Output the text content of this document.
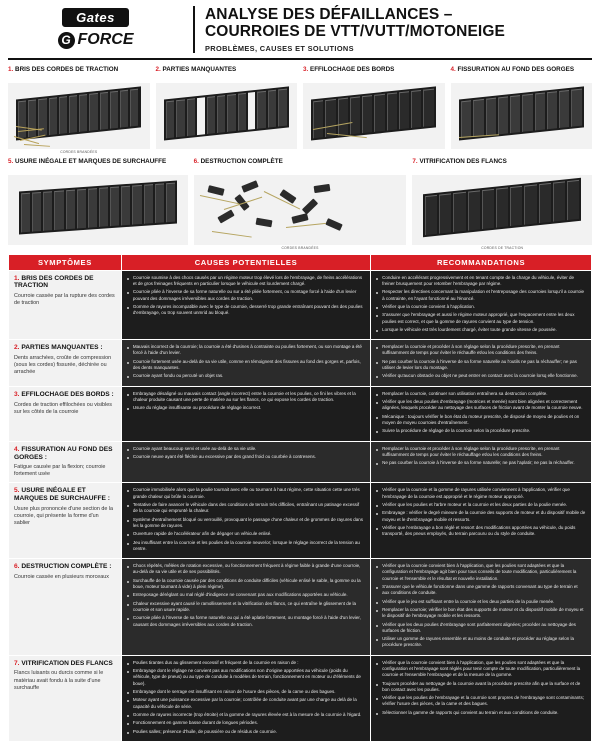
Gates
G FORCE
ANALYSE DES DÉFAILLANCES –
COURROIES DE VTT/VUTT/MOTONEIGE
PROBLÈMES, CAUSES ET SOLUTIONS
1. BRIS DES CORDES DE TRACTION
CORDES BRANDÉES
2. PARTIES MANQUANTES	3. EFFILOCHAGE DES BORDS	4. FISSURATION AU FOND DES GORGES
5. USURE INÉGALE ET MARQUES DE SURCHAUFFE	6. DESTRUCTION COMPLÈTE
CORDES BRANDÉES
7. VITRIFICATION DES FLANCS
CORDES DE TRACTION
SYMPTÔMES	CAUSES POTENTIELLES	RECOMMANDATIONS

1. BRIS DES CORDES DE TRACTION
Courroie cassée par la rupture des cordes de traction

Courroie soumise à des chocs causés par un régime moteur trop élevé lors de l'embrayage, de freins accélérations et de gros freinages fréquents en particulier lorsque le véhicule est lourdement chargé.
Courroie pliée à l'inverse de sa forme naturelle ou sur a été pliée fortement, ou montage forcé à l'aide d'un levier pouvant des dommages irréversibles aux cordes de traction.
Gomme de rayures incompatible avec le type de courroie, desserré trop grande entraînant pouvant des des poulies d'embrayage, ou trop souvent unmrid au bloqué.

Conduire en accélérant progressivement et en tenant compte de la charge du véhicule, éviter de freiner brusquement pour retomber l'embrayage par régime.
Respecter les directives concernant la manipulation et l'entreposage des courroies lorsqu'il a courroie à contrainte, en l'ayant fonctionné au l'énoncé.
Vérifier que la courroie convient à l'application.
S'assurer que l'embrayage et aussi le régime moteur approprié, que l'espacement entre les deux poulies est correct, et que la gomme de rayures convient au type de tension.
Lorsque le véhicule est très lourdement chargé, éviter toute grande vitesse de poussée.

2. PARTIES MANQUANTES :
Dents arrachées, croûte de compression (sous les cordes) fissurée, déchirée ou arrachée

Mauvais incorrect de la courroie; la courroie a été d'usines à contrainte ou poulies fortement, ou son montage a été forcé à l'aide d'un levier.
Courroie fortement usée au-delà de sa vie utile, comme en témoignent des fissures au fond des gorges et, parfois, des dents manquantes.
Courroie ayant fondu ou percuté un objet ras.

Remplacer la courroie et procéder à son réglage selon la procédure prescrite, en prenant suffisamment de temps pour éviter le réchauffe et/ou les conditions des freins.
Ne pas courber la courroie à l'inverse de sa forme naturelle au l'outils ne pas la réchauffer; ne pas utiliser de levier lors du montage.
Vérifier qu'aucun obstacle ou objet ne peut entrer en contact avec la courroie lorsq elle fonctionne.

3. EFFILOCHAGE DES BORDS :
Cordes de traction effilochées ou visibles sur les côtés de la courroie

Embrayage désaligné ou mauvais contact (angle incorrect) entre la courroie et les poulies, ce fini les vibres et la chaleur produite causant une perte de matière au sur les flancs, ce qui expose les cordes de traction.
Usure du réglage insuffisante ou procédure de réglage incorrect.

Remplacer la courroie, continuer son utilisation entraînera sa destruction complète.
Vérifier que les deux poulies d'embrayage (motrices et menée) sont bien alignées et correctement alignées, lesquels procéder au nettoyage des surfaces de friction avant de monter la courroie neuve.
Mécanique : toujours vérifier le bon état du moteur prescrite, de disposé de moyeu de poulies et on moyen de moyeu courroies d'entraînement.
Suivre la procédure de réglage de la courroie selon la procédure prescrite.

4. FISSURATION AU FOND DES GORGES :
Fatigue causée par la flexion; courroie fortement usée

Courroie ayant beaucoup servi et usée au-delà de sa vie utile.
Courroie neuve ayant été fléchie au excessive par des grand froid ou courbée à contresens.

Remplacer la courroie et procéder à son réglage selon la procédure prescrite, en prenant suffisamment de temps pour éviter le réchauffage et/ou les conditions des freins.
Ne pas courber la courroie à l'inverse de sa forme naturelle; ne pas l'aplatir; ne pas la réchauffer.

5. USURE INÉGALE ET MARQUES DE SURCHAUFFE :
Usure plus prononcée d'une section de la courroie, qui présente la forme d'un sablier

Courroie immobilisée alors que la poulie tournait avec elle ou tournant à haut régime, cette situation cette une trés grande chaleur qui brûle la courroie.
Tentative de faire avancer le véhicule dans des conditions de terrain très difficiles, entraînant un patinage excessif de la courroie qui emprunté la chaleur.
Système d'entraînement bloqué ou verrouillé, provoquant le passage d'une chaleur et de grommes de rayures dans les la gomme de rayures.
Ouverture rapide de l'accélérateur afin de dégager un véhicule enlisé.
Jeu insuffisant entre la courroie et les poulies de la courroie neuve/or; lorsque le réglage incorrect de la tension au centre.

Vérifier que la courroie et la gomme de rayures utilisée conviennent à l'application, vérifier que l'embrayage de la courroie est approprié et le régime moteur approprié.
Vérifier que les poulies et l'arbre moteur et la courroie et les deux parties de la poulie menée.
Embrayage : vérifier le degré mineure de la courroie des supports de moteur et du dispositif mobile de moyeu et le d'embrayage mobile et ressorts.
Vérifier que l'embrayage a bon réglé et ressort des modifications apportées au véhicule, du poids transporté, des pneus employés, du terrain parcouru ou du style de conduite.

6. DESTRUCTION COMPLÈTE :
Courroie cassée en plusieurs morceaux

Chocs répétés, mêlées de rotation excessive, ou fonctionnement fréquent à régime faible à grande d'une courroie, au-delà de sa vie utile et de ses possibilités.
Surchauffe de la courroie causée par des conditions de conduite difficiles (véhicule enlisé le sable, la gomme ou la boue, moteur tournant à vide) à plein régime).
Entreposage déréglant ou mal réglé d'indigence ne convenant pas aux modifications apportées au véhicule.
Chaleur excessive ayant causé le ramollissement et la vitrification des flancs, ce qui entraîne le glissement de la courroie et son usure rapide.
Courroie pliée à l'inverse de sa forme naturelle ou qui a été aplatie fortement, ou montage forcé à l'aide d'un levier, causant des dommages irréversibles aux cordes de traction.

Vérifier que la courroie convient bien à l'application, que les poulies sont adaptées et que la configuration et l'embrayage agit bien pour tous conseils de toute modification, particulièrement la courroie et l'ensemble et le résultat et nouvelle installation.
S'assurer que le véhicule fonctionne dans une gamme de rapports convenant au type de terrain et aux conditions de conduite.
Vérifier que le jeu est suffisant entre la courroie et les deux parties de la poulie menée.
Remplacer la courroie; vérifier le bon état des supports de moteur et du dispositif mobile de moyeu et le dispositif de l'embrayage mobile et les ressorts.
Vérifier que les deux poulies d'embrayage sont parfaitement alignées; procéder au nettoyage des surfaces de friction.
Utiliser un gomme de rayures ensemble et au moins de conduite et procéder au réglage selon la procédure prescrite.

7. VITRIFICATION DES FLANCS
Flancs luisants ou durcis comme si le matériau avait fondu à la suite d'une surchauffe

Poulies tirantes dus au glissement excessif et fréquent de la courroie en raison de :
Embrayage dont le réglage ne convient pas aux modifications non d'origine apportées au véhicule (poids du véhicule, type de pneus) ou au type de conduite à modèles de terrain, fonctionnement en moteur ou d'éléments de boue).
Embrayage dont le serrage est insuffisant en raison de l'usure des pièces, de la came ou des bagues.
Moteur ayant une puissance excessive par la courroie; contrôlée de conduite avant par une charge au delà de la capacité du véhicule de série.
Gomme de rayures incorrecte (trop étroite) et la gomme de rayures élevée est à la mesure de la courroie à l'égard.
Fonctionnement en gamme basse durant de longues périodes.
Poulies salles; présence d'huile, de poussière ou de résidus de courroie.

Vérifier que la courroie convient bien à l'application, que les poulies sont adaptées et que la configuration et l'embrayage sont réglés pour tenir compte de toute modification, particulièrement la courroie et l'ensemble l'embrayage et de la mesure de la gomme.
Toujours procéder au nettoyage de la courroie avant la procédure prescrite afin que la surface et de bon contact avec les poulies.
Vérifier que les poulies de l'embrayage et la courroie sont propres de l'embrayage sont contaminants; vérifier l'usure des pièces, de la came et des bagues.
Sélectionner la gamme de rapports qui convient au terrain et aux conditions de conduite.
